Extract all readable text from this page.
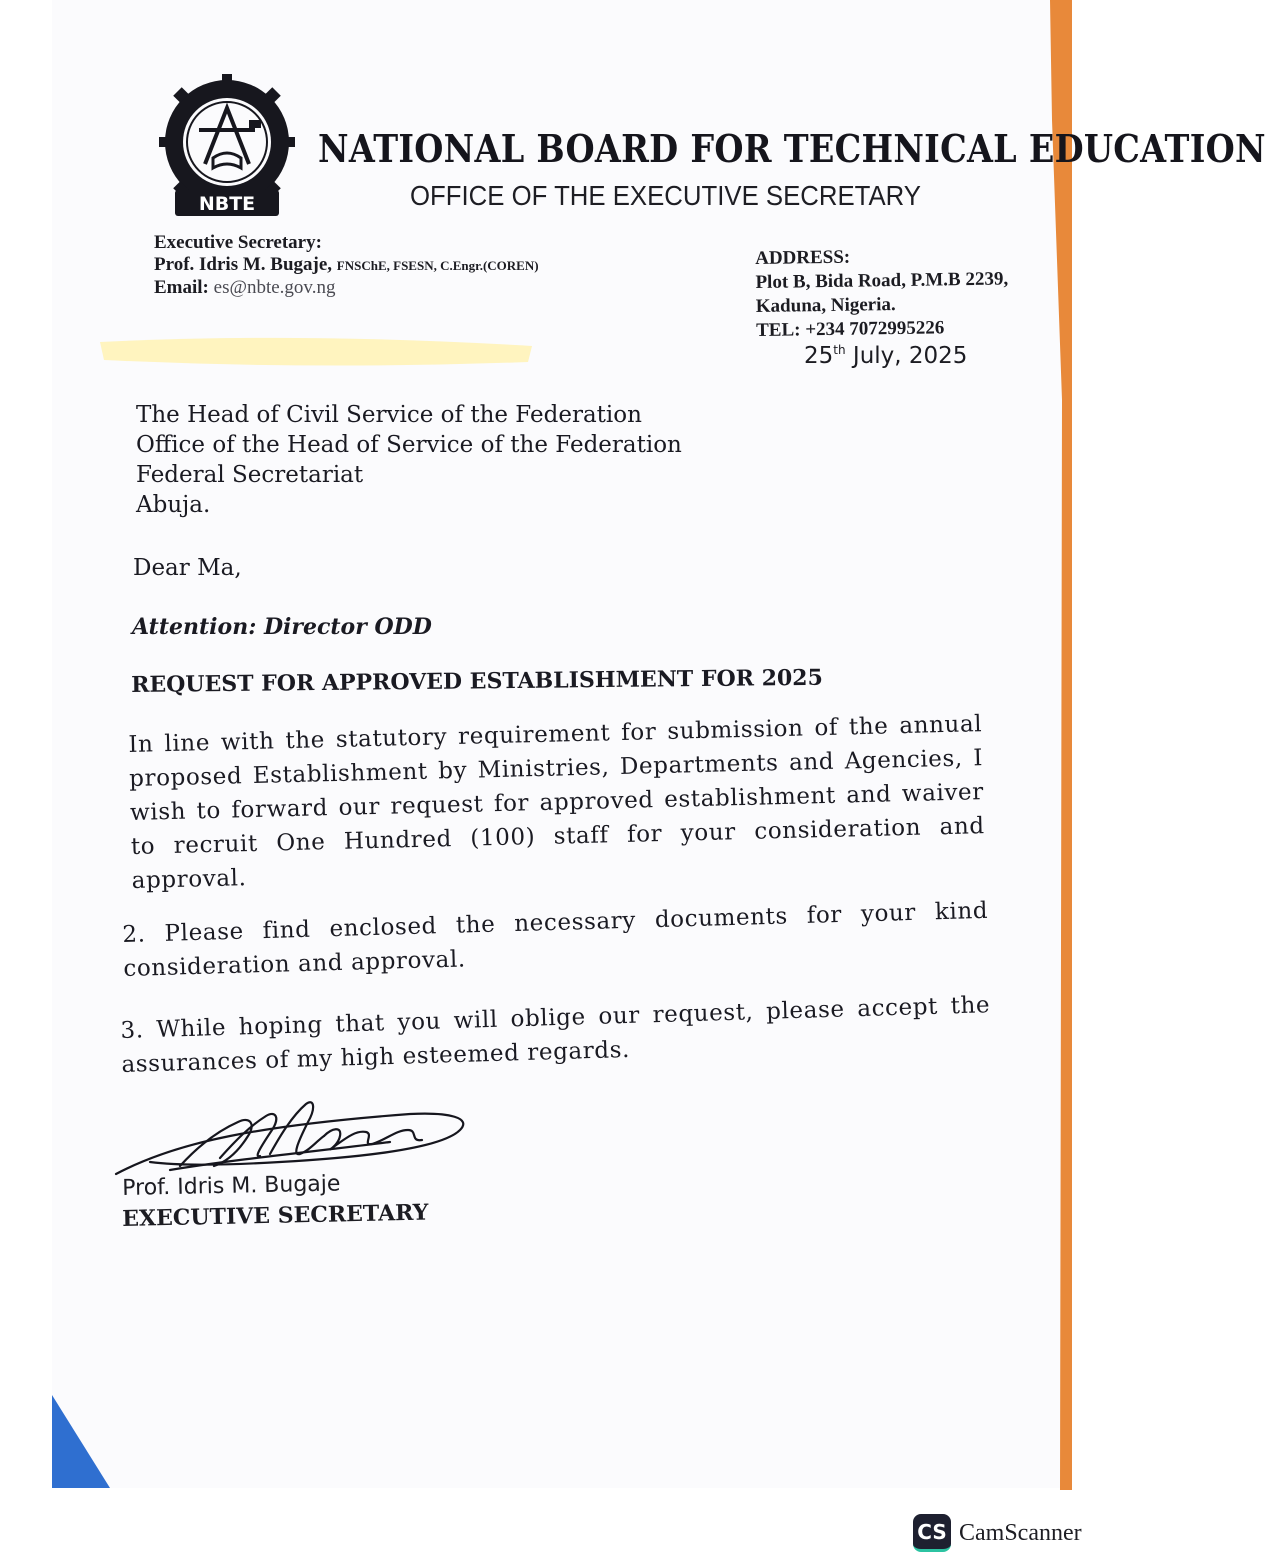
NBTE
NATIONAL BOARD FOR TECHNICAL EDUCATION
OFFICE OF THE EXECUTIVE SECRETARY
Executive Secretary:
Prof. Idris M. Bugaje, FNSChE, FSESN, C.Engr.(COREN)
Email: es@nbte.gov.ng
ADDRESS:
Plot B, Bida Road, P.M.B 2239,
Kaduna, Nigeria.
TEL: +234 7072995226
25th July, 2025
The Head of Civil Service of the Federation
Office of the Head of Service of the Federation
Federal Secretariat
Abuja.
Dear Ma,
Attention: Director ODD
REQUEST FOR APPROVED ESTABLISHMENT FOR 2025
In line with the statutory requirement for submission of the annual proposed Establishment by Ministries, Departments and Agencies, I wish to forward our request for approved establishment and waiver to recruit One Hundred (100) staff for your consideration and approval.
2. Please find enclosed the necessary documents for your kind consideration and approval.
3. While hoping that you will oblige our request, please accept the assurances of my high esteemed regards.
Prof. Idris M. Bugaje
EXECUTIVE SECRETARY
CS CamScanner
